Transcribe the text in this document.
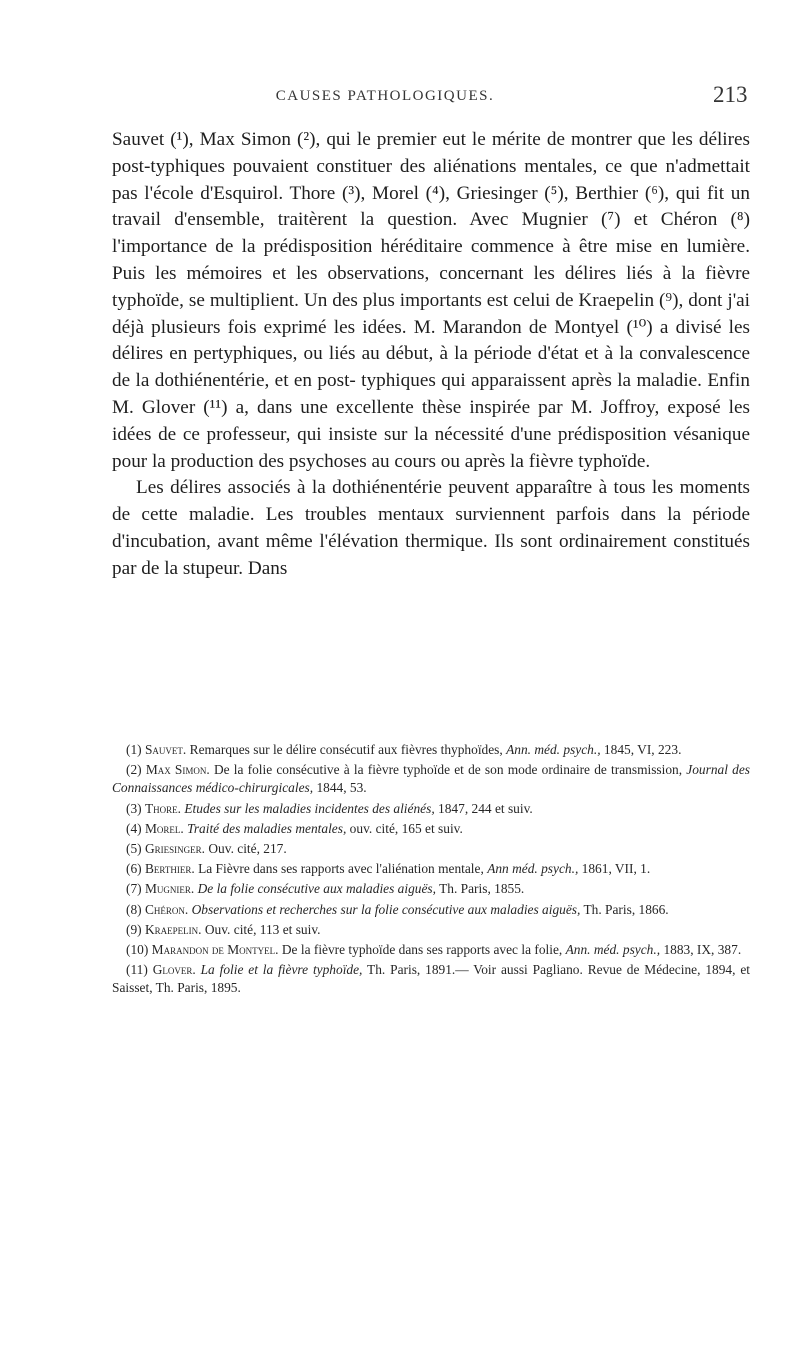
CAUSES PATHOLOGIQUES.	213

Sauvet (¹), Max Simon (²), qui le premier eut le mérite de montrer que les délires post-typhiques pouvaient constituer des aliénations mentales, ce que n'admettait pas l'école d'Esquirol. Thore (³), Morel (⁴), Griesinger (⁵), Berthier (⁶), qui fit un travail d'ensemble, traitèrent la question. Avec Mugnier (⁷) et Chéron (⁸) l'importance de la prédisposition héréditaire commence à être mise en lumière. Puis les mémoires et les observations, concernant les délires liés à la fièvre typhoïde, se multiplient. Un des plus importants est celui de Kraepelin (⁹), dont j'ai déjà plusieurs fois exprimé les idées. M. Marandon de Montyel (¹⁰) a divisé les délires en pertyphiques, ou liés au début, à la période d'état et à la convalescence de la dothiénentérie, et en post- typhiques qui apparaissent après la maladie. Enfin M. Glover (¹¹) a, dans une excellente thèse inspirée par M. Joffroy, exposé les idées de ce professeur, qui insiste sur la nécessité d'une prédisposition vésanique pour la production des psychoses au cours ou après la fièvre typhoïde.

Les délires associés à la dothiénentérie peuvent apparaître à tous les moments de cette maladie. Les troubles mentaux surviennent parfois dans la période d'incubation, avant même l'élévation thermique. Ils sont ordinairement constitués par de la stupeur. Dans

(1) Sauvet. Remarques sur le délire consécutif aux fièvres thyphoïdes, Ann. méd. psych., 1845, VI, 223.

(2) Max Simon. De la folie consécutive à la fièvre typhoïde et de son mode ordinaire de transmission, Journal des Connaissances médico-chirurgicales, 1844, 53.

(3) Thore. Etudes sur les maladies incidentes des aliénés, 1847, 244 et suiv.

(4) Morel. Traité des maladies mentales, ouv. cité, 165 et suiv.

(5) Griesinger. Ouv. cité, 217.

(6) Berthier. La Fièvre dans ses rapports avec l'aliénation mentale, Ann méd. psych., 1861, VII, 1.

(7) Mugnier. De la folie consécutive aux maladies aiguës, Th. Paris, 1855.

(8) Chéron. Observations et recherches sur la folie consécutive aux maladies aiguës, Th. Paris, 1866.

(9) Kraepelin. Ouv. cité, 113 et suiv.

(10) Marandon de Montyel. De la fièvre typhoïde dans ses rapports avec la folie, Ann. méd. psych., 1883, IX, 387.

(11) Glover. La folie et la fièvre typhoïde, Th. Paris, 1891.— Voir aussi Pagliano. Revue de Médecine, 1894, et Saisset, Th. Paris, 1895.
